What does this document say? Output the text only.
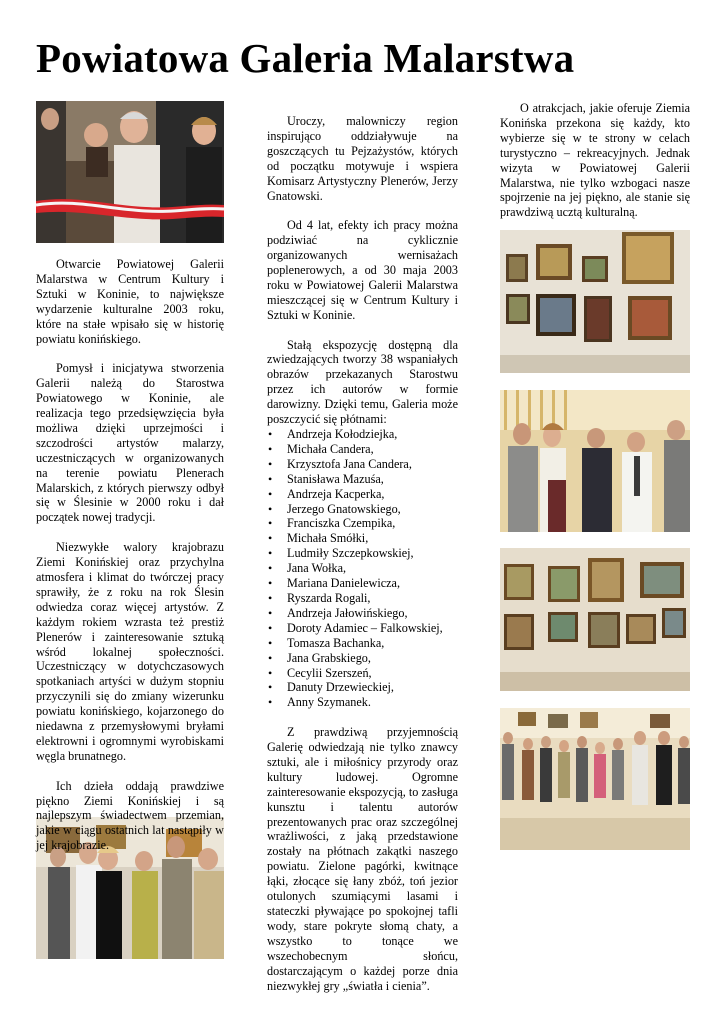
Powiatowa Galeria Malarstwa

Otwarcie Powiatowej Galerii Malarstwa w Centrum Kultury i Sztuki w Koninie, to największe wydarzenie kulturalne 2003 roku, które na stałe wpisało się w historię powiatu konińskiego.

Pomysł i inicjatywa stworzenia Galerii należą do Starostwa Powiatowego w Koninie, ale realizacja tego przedsięwzięcia była możliwa dzięki uprzejmości i szczodrości artystów malarzy, uczestniczących w organizowanych na terenie powiatu Plenerach Malarskich, z których pierwszy odbył się w Ślesinie w 2000 roku i dał początek nowej tradycji.

Niezwykłe walory krajobrazu Ziemi Konińskiej oraz przychylna atmosfera i klimat do twórczej pracy sprawiły, że z roku na rok Ślesin odwiedza coraz więcej artystów. Z każdym rokiem wzrasta też prestiż Plenerów i zainteresowanie sztuką wśród lokalnej społeczności. Uczestniczący w dotychczasowych spotkaniach artyści w dużym stopniu przyczynili się do zmiany wizerunku powiatu konińskiego, kojarzonego do niedawna z przemysłowymi bryłami elektrowni i ogromnymi wyrobiskami węgla brunatnego.

Ich dzieła oddają prawdziwe piękno Ziemi Konińskiej i są najlepszym świadectwem przemian, jakie w ciągu ostatnich lat nastąpiły w jej krajobrazie.

Uroczy, malowniczy region inspirująco oddziaływuje na goszczących tu Pejzażystów, których od początku motywuje i wspiera Komisarz Artystyczny Plenerów, Jerzy Gnatowski.

Od 4 lat, efekty ich pracy można podziwiać na cyklicznie organizowanych wernisażach poplenerowych, a od 30 maja 2003 roku w Powiatowej Galerii Malarstwa mieszczącej się w Centrum Kultury i Sztuki w Koninie.

Stałą ekspozycję dostępną dla zwiedzających tworzy 38 wspaniałych obrazów przekazanych Starostwu przez ich autorów w formie darowizny. Dzięki temu, Galeria może poszczycić się płótnami:

• Andrzeja Kołodziejka,
• Michała Candera,
• Krzysztofa Jana Candera,
• Stanisława Mazuśa,
• Andrzeja Kacperka,
• Jerzego Gnatowskiego,
• Franciszka Czempika,
• Michała Smółki,
• Ludmiły Szczepkowskiej,
• Jana Wołka,
• Mariana Danielewicza,
• Ryszarda Rogali,
• Andrzeja Jałowińskiego,
• Doroty Adamiec – Falkowskiej,
• Tomasza Bachanka,
• Jana Grabskiego,
• Cecylii Szerszeń,
• Danuty Drzewieckiej,
• Anny Szymanek.

Z prawdziwą przyjemnością Galerię odwiedzają nie tylko znawcy sztuki, ale i miłośnicy przyrody oraz kultury ludowej. Ogromne zainteresowanie ekspozycją, to zasługa kunsztu i talentu autorów prezentowanych prac oraz szczególnej wrażliwości, z jaką przedstawione zostały na płótnach zakątki naszego powiatu. Zielone pagórki, kwitnące łąki, złocące się łany zbóż, toń jezior otulonych szumiącymi lasami i stateczki pływające po spokojnej tafli wody, stare pokryte słomą chaty, a wszystko to tonące we wszechobecnym słońcu, dostarczającym o każdej porze dnia niezwykłej gry „światła i cienia”.

O atrakcjach, jakie oferuje Ziemia Konińska przekona się każdy, kto wybierze się w te strony w celach turystyczno – rekreacyjnych. Jednak wizyta w Powiatowej Galerii Malarstwa, nie tylko wzbogaci nasze spojrzenie na jej piękno, ale stanie się prawdziwą ucztą kulturalną.
